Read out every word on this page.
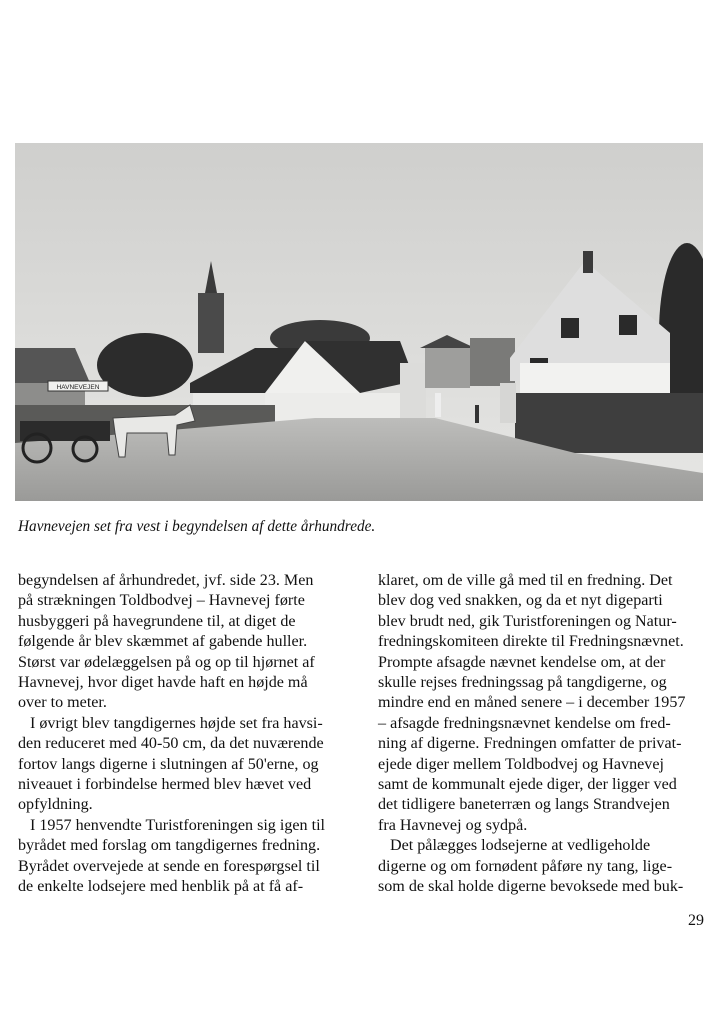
HAVNEVEJEN

Havnevejen set fra vest i begyndelsen af dette århundrede.

begyndelsen af århundredet, jvf. side 23. Men
på strækningen Toldbodvej – Havnevej førte
husbyggeri på havegrundene til, at diget de
følgende år blev skæmmet af gabende huller.
Størst var ødelæggelsen på og op til hjørnet af
Havnevej, hvor diget havde haft en højde må
over to meter.
I øvrigt blev tangdigernes højde set fra havsi-
den reduceret med 40-50 cm, da det nuværende
fortov langs digerne i slutningen af 50'erne, og
niveauet i forbindelse hermed blev hævet ved
opfyldning.
I 1957 henvendte Turistforeningen sig igen til
byrådet med forslag om tangdigernes fredning.
Byrådet overvejede at sende en forespørgsel til
de enkelte lodsejere med henblik på at få af-
klaret, om de ville gå med til en fredning. Det
blev dog ved snakken, og da et nyt digeparti
blev brudt ned, gik Turistforeningen og Natur-
fredningskomiteen direkte til Fredningsnævnet.
Prompte afsagde nævnet kendelse om, at der
skulle rejses fredningssag på tangdigerne, og
mindre end en måned senere – i december 1957
– afsagde fredningsnævnet kendelse om fred-
ning af digerne. Fredningen omfatter de privat-
ejede diger mellem Toldbodvej og Havnevej
samt de kommunalt ejede diger, der ligger ved
det tidligere baneterræn og langs Strandvejen
fra Havnevej og sydpå.
Det pålægges lodsejerne at vedligeholde
digerne og om fornødent påføre ny tang, lige-
som de skal holde digerne bevoksede med buk-
29
